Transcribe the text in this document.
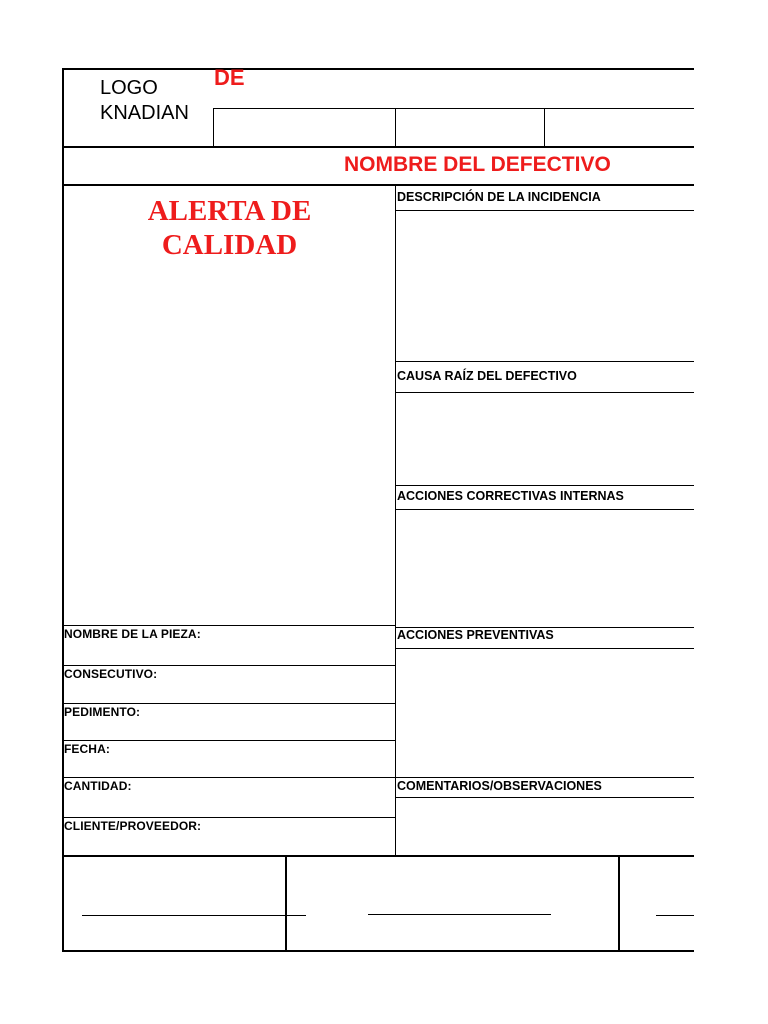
LOGO
KNADIAN
DE
NOMBRE DEL DEFECTIVO
ALERTA DE
CALIDAD
NOMBRE DE LA PIEZA:
CONSECUTIVO:
PEDIMENTO:
FECHA:
CANTIDAD:
CLIENTE/PROVEEDOR:
DESCRIPCIÓN DE LA INCIDENCIA
CAUSA RAÍZ DEL DEFECTIVO
ACCIONES CORRECTIVAS INTERNAS
ACCIONES PREVENTIVAS
COMENTARIOS/OBSERVACIONES
